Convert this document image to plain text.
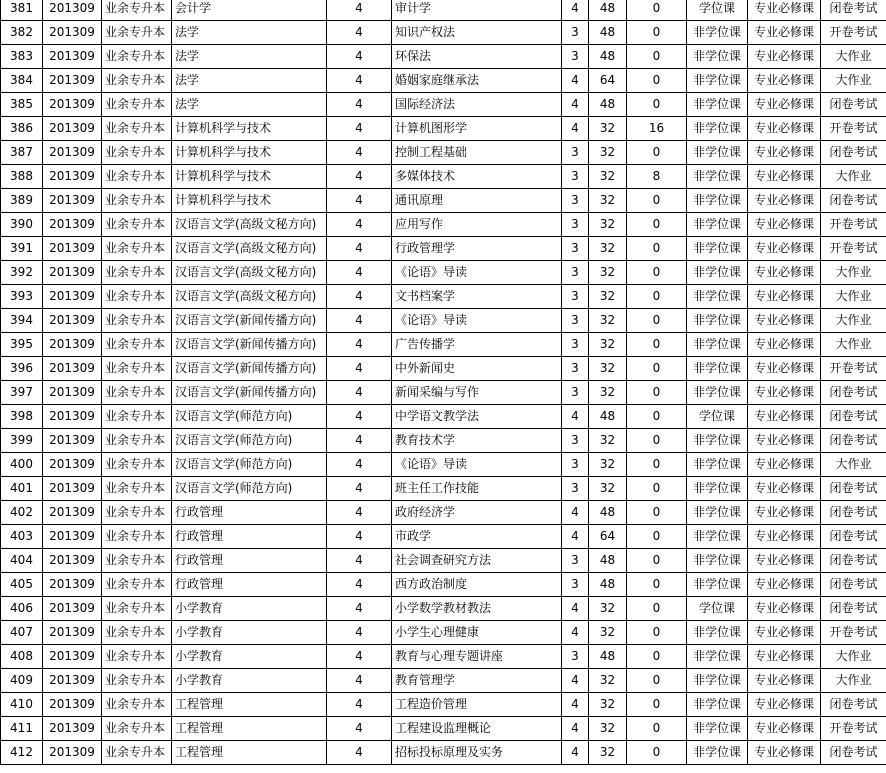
381	201309	业余专升本	会计学	4	审计学	4	48	0	学位课	专业必修课	闭卷考试
382	201309	业余专升本	法学	4	知识产权法	3	48	0	非学位课	专业必修课	开卷考试
383	201309	业余专升本	法学	4	环保法	3	48	0	非学位课	专业必修课	大作业
384	201309	业余专升本	法学	4	婚姻家庭继承法	4	64	0	非学位课	专业必修课	大作业
385	201309	业余专升本	法学	4	国际经济法	4	48	0	非学位课	专业必修课	闭卷考试
386	201309	业余专升本	计算机科学与技术	4	计算机图形学	4	32	16	非学位课	专业必修课	开卷考试
387	201309	业余专升本	计算机科学与技术	4	控制工程基础	3	32	0	非学位课	专业必修课	闭卷考试
388	201309	业余专升本	计算机科学与技术	4	多媒体技术	3	32	8	非学位课	专业必修课	大作业
389	201309	业余专升本	计算机科学与技术	4	通讯原理	3	32	0	非学位课	专业必修课	闭卷考试
390	201309	业余专升本	汉语言文学(高级文秘方向)	4	应用写作	3	32	0	非学位课	专业必修课	开卷考试
391	201309	业余专升本	汉语言文学(高级文秘方向)	4	行政管理学	3	32	0	非学位课	专业必修课	开卷考试
392	201309	业余专升本	汉语言文学(高级文秘方向)	4	《论语》导读	3	32	0	非学位课	专业必修课	大作业
393	201309	业余专升本	汉语言文学(高级文秘方向)	4	文书档案学	3	32	0	非学位课	专业必修课	大作业
394	201309	业余专升本	汉语言文学(新闻传播方向)	4	《论语》导读	3	32	0	非学位课	专业必修课	大作业
395	201309	业余专升本	汉语言文学(新闻传播方向)	4	广告传播学	3	32	0	非学位课	专业必修课	大作业
396	201309	业余专升本	汉语言文学(新闻传播方向)	4	中外新闻史	3	32	0	非学位课	专业必修课	开卷考试
397	201309	业余专升本	汉语言文学(新闻传播方向)	4	新闻采编与写作	3	32	0	非学位课	专业必修课	闭卷考试
398	201309	业余专升本	汉语言文学(师范方向)	4	中学语文教学法	4	48	0	学位课	专业必修课	闭卷考试
399	201309	业余专升本	汉语言文学(师范方向)	4	教育技术学	3	32	0	非学位课	专业必修课	闭卷考试
400	201309	业余专升本	汉语言文学(师范方向)	4	《论语》导读	3	32	0	非学位课	专业必修课	大作业
401	201309	业余专升本	汉语言文学(师范方向)	4	班主任工作技能	3	32	0	非学位课	专业必修课	闭卷考试
402	201309	业余专升本	行政管理	4	政府经济学	4	48	0	非学位课	专业必修课	闭卷考试
403	201309	业余专升本	行政管理	4	市政学	4	64	0	非学位课	专业必修课	闭卷考试
404	201309	业余专升本	行政管理	4	社会调查研究方法	3	48	0	非学位课	专业必修课	闭卷考试
405	201309	业余专升本	行政管理	4	西方政治制度	3	48	0	非学位课	专业必修课	闭卷考试
406	201309	业余专升本	小学教育	4	小学数学教材教法	4	32	0	学位课	专业必修课	闭卷考试
407	201309	业余专升本	小学教育	4	小学生心理健康	4	32	0	非学位课	专业必修课	开卷考试
408	201309	业余专升本	小学教育	4	教育与心理专题讲座	3	48	0	非学位课	专业必修课	大作业
409	201309	业余专升本	小学教育	4	教育管理学	4	32	0	非学位课	专业必修课	大作业
410	201309	业余专升本	工程管理	4	工程造价管理	4	32	0	非学位课	专业必修课	闭卷考试
411	201309	业余专升本	工程管理	4	工程建设监理概论	4	32	0	非学位课	专业必修课	开卷考试
412	201309	业余专升本	工程管理	4	招标投标原理及实务	4	32	0	非学位课	专业必修课	闭卷考试
